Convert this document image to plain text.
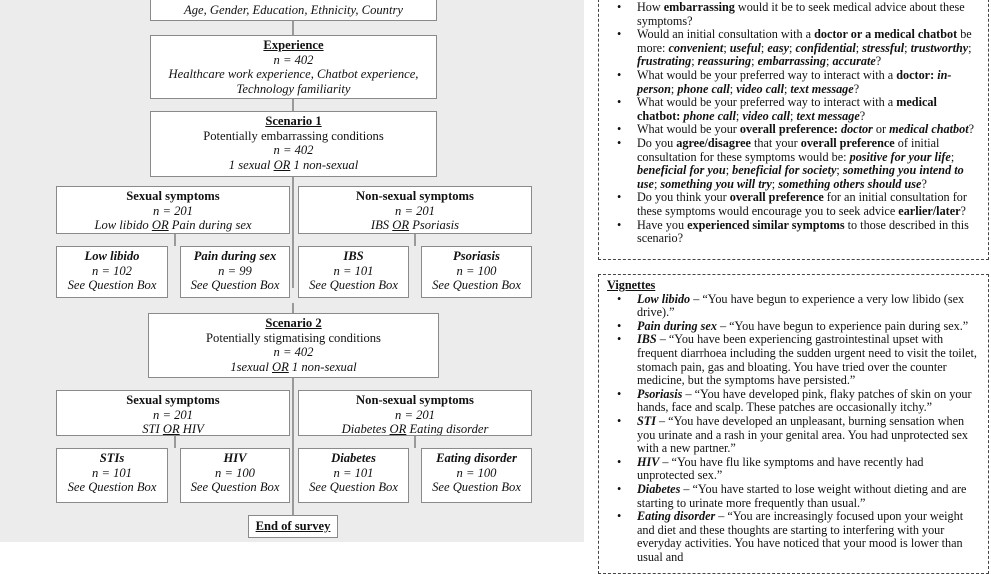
Age, Gender, Education, Ethnicity, Country
Experience
n = 402
Healthcare work experience, Chatbot experience,
Technology familiarity
Scenario 1
Potentially embarrassing conditions
n = 402
1 sexual OR 1 non-sexual
Sexual symptoms
n = 201
Low libido OR Pain during sex
Non-sexual symptoms
n = 201
IBS OR Psoriasis
Low libido
n = 102
See Question Box
Pain during sex
n = 99
See Question Box
IBS
n = 101
See Question Box
Psoriasis
n = 100
See Question Box
Scenario 2
Potentially stigmatising conditions
n = 402
1sexual OR 1 non-sexual
Sexual symptoms
n = 201
STI OR HIV
Non-sexual symptoms
n = 201
Diabetes OR Eating disorder
STIs
n = 101
See Question Box
HIV
n = 100
See Question Box
Diabetes
n = 101
See Question Box
Eating disorder
n = 100
See Question Box
End of survey
• How embarrassing would it be to seek medical advice about these symptoms?
• Would an initial consultation with a doctor or a medical chatbot be more: convenient; useful; easy; confidential; stressful; trustworthy; frustrating; reassuring; embarrassing; accurate?
• What would be your preferred way to interact with a doctor: in-person; phone call; video call; text message?
• What would be your preferred way to interact with a medical chatbot: phone call; video call; text message?
• What would be your overall preference: doctor or medical chatbot?
• Do you agree/disagree that your overall preference of initial consultation for these symptoms would be: positive for your life; beneficial for you; beneficial for society; something you intend to use; something you will try; something others should use?
• Do you think your overall preference for an initial consultation for these symptoms would encourage you to seek advice earlier/later?
• Have you experienced similar symptoms to those described in this scenario?
Vignettes
• Low libido – “You have begun to experience a very low libido (sex drive).”
• Pain during sex – “You have begun to experience pain during sex.”
• IBS – “You have been experiencing gastrointestinal upset with frequent diarrhoea including the sudden urgent need to visit the toilet, stomach pain, gas and bloating. You have tried over the counter medicine, but the symptoms have persisted.”
• Psoriasis – “You have developed pink, flaky patches of skin on your hands, face and scalp. These patches are occasionally itchy.”
• STI – “You have developed an unpleasant, burning sensation when you urinate and a rash in your genital area. You had unprotected sex with a new partner.”
• HIV – “You have flu like symptoms and have recently had unprotected sex.”
• Diabetes – “You have started to lose weight without dieting and are starting to urinate more frequently than usual.”
• Eating disorder – “You are increasingly focused upon your weight and diet and these thoughts are starting to interfering with your everyday activities. You have noticed that your mood is lower than usual and
